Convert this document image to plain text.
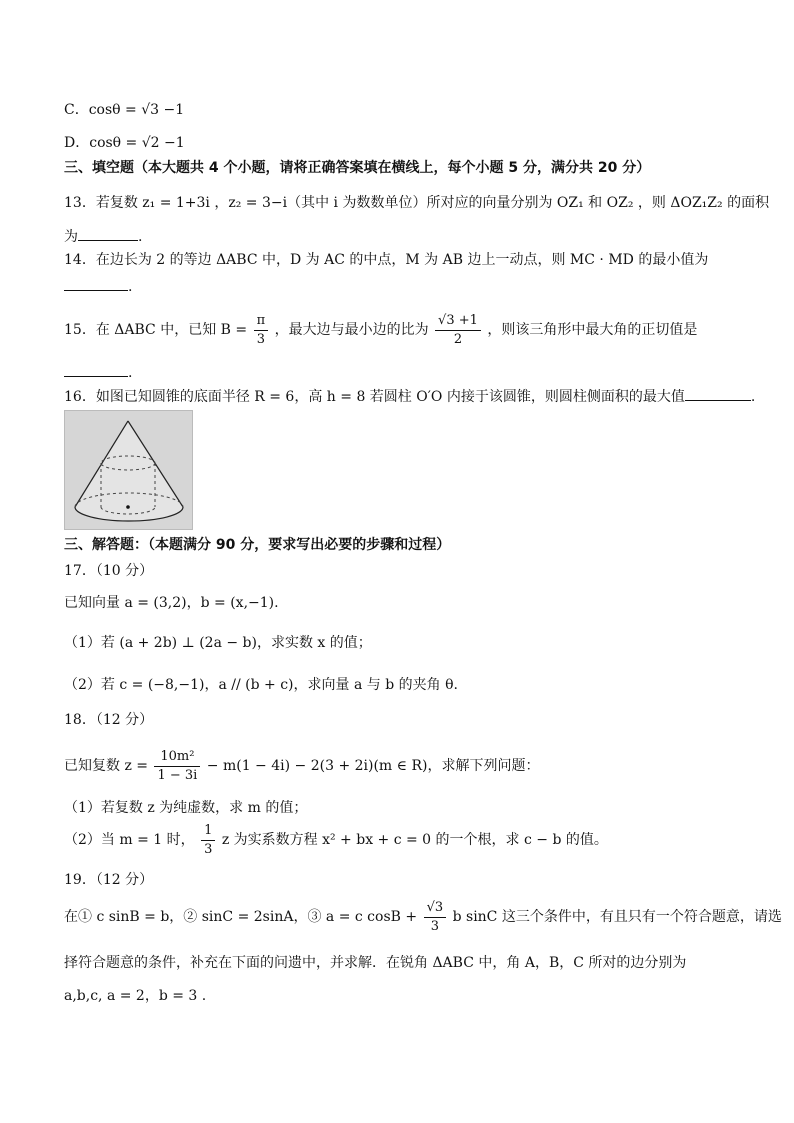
C．cosθ = √3 −1
D．cosθ = √2 −1
三、填空题（本大题共 4 个小题，请将正确答案填在横线上，每个小题 5 分，满分共 20 分）
13．若复数 z₁ = 1+3i ，z₂ = 3−i（其中 i 为数数单位）所对应的向量分别为 OZ₁ 和 OZ₂ ，则 ΔOZ₁Z₂ 的面积
为	.
14．在边长为 2 的等边 ΔABC 中，D 为 AC 的中点，M 为 AB 边上一动点，则 MC · MD 的最小值为
.
15．在 ΔABC 中，已知 $B = \frac{\pi}{3}$ ，最大边与最小边的比为 $\frac{√3 +1}{2}$ ，则该三角形中最大角的正切值是
.
16．如图已知圆锥的底面半径 R = 6，高 h = 8 若圆柱 O′O 内接于该圆锥，则圆柱侧面积的最大值	.
三、解答题：（本题满分 90 分，要求写出必要的步骤和过程）
17．（10 分）
已知向量 a = (3,2)，b = (x,−1).
（1）若 (a + 2b) ⊥ (2a − b)，求实数 x 的值；
（2）若 c = (−8,−1)，a // (b + c)，求向量 a 与 b 的夹角 θ.
18．（12 分）
已知复数 $z = \frac{\text{10m²}}{1 - 3i} - m(1 - 4i) - 2(3 + 2i)(m$ ∈ R)，求解下列问题：
（1）若复数 z 为纯虚数，求 m 的值；
（2）当 m = 1 时， $\frac{1}{3}$ z 为实系数方程 x² + bx + c = 0 的一个根，求 c − b 的值。
19．（12 分）
在① c sinB = b，② sinC = 2sinA，③ a = c $\cos B + \frac{√3}{3}$ b sinC 这三个条件中，有且只有一个符合题意，请选
择符合题意的条件，补充在下面的问遗中，并求解．在锐角 ΔABC 中，角 A，B，C 所对的边分别为
a,b,c, a = 2，b = 3 .
